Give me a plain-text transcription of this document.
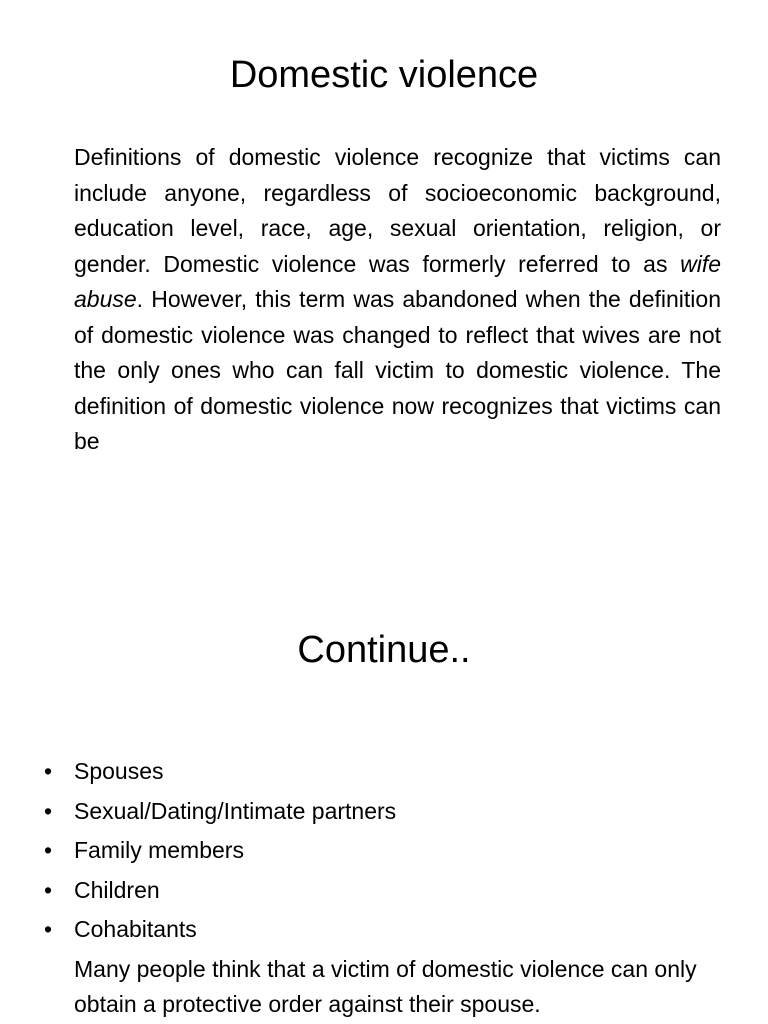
Domestic violence

Definitions of domestic violence recognize that victims can include anyone, regardless of socioeconomic background, education level, race, age, sexual orientation, religion, or gender. Domestic violence was formerly referred to as wife abuse. However, this term was abandoned when the definition of domestic violence was changed to reflect that wives are not the only ones who can fall victim to domestic violence. The definition of domestic violence now recognizes that victims can be

Continue..
• Spouses
• Sexual/Dating/Intimate partners
• Family members
• Children
• Cohabitants

Many people think that a victim of domestic violence can only obtain a protective order against their spouse.
